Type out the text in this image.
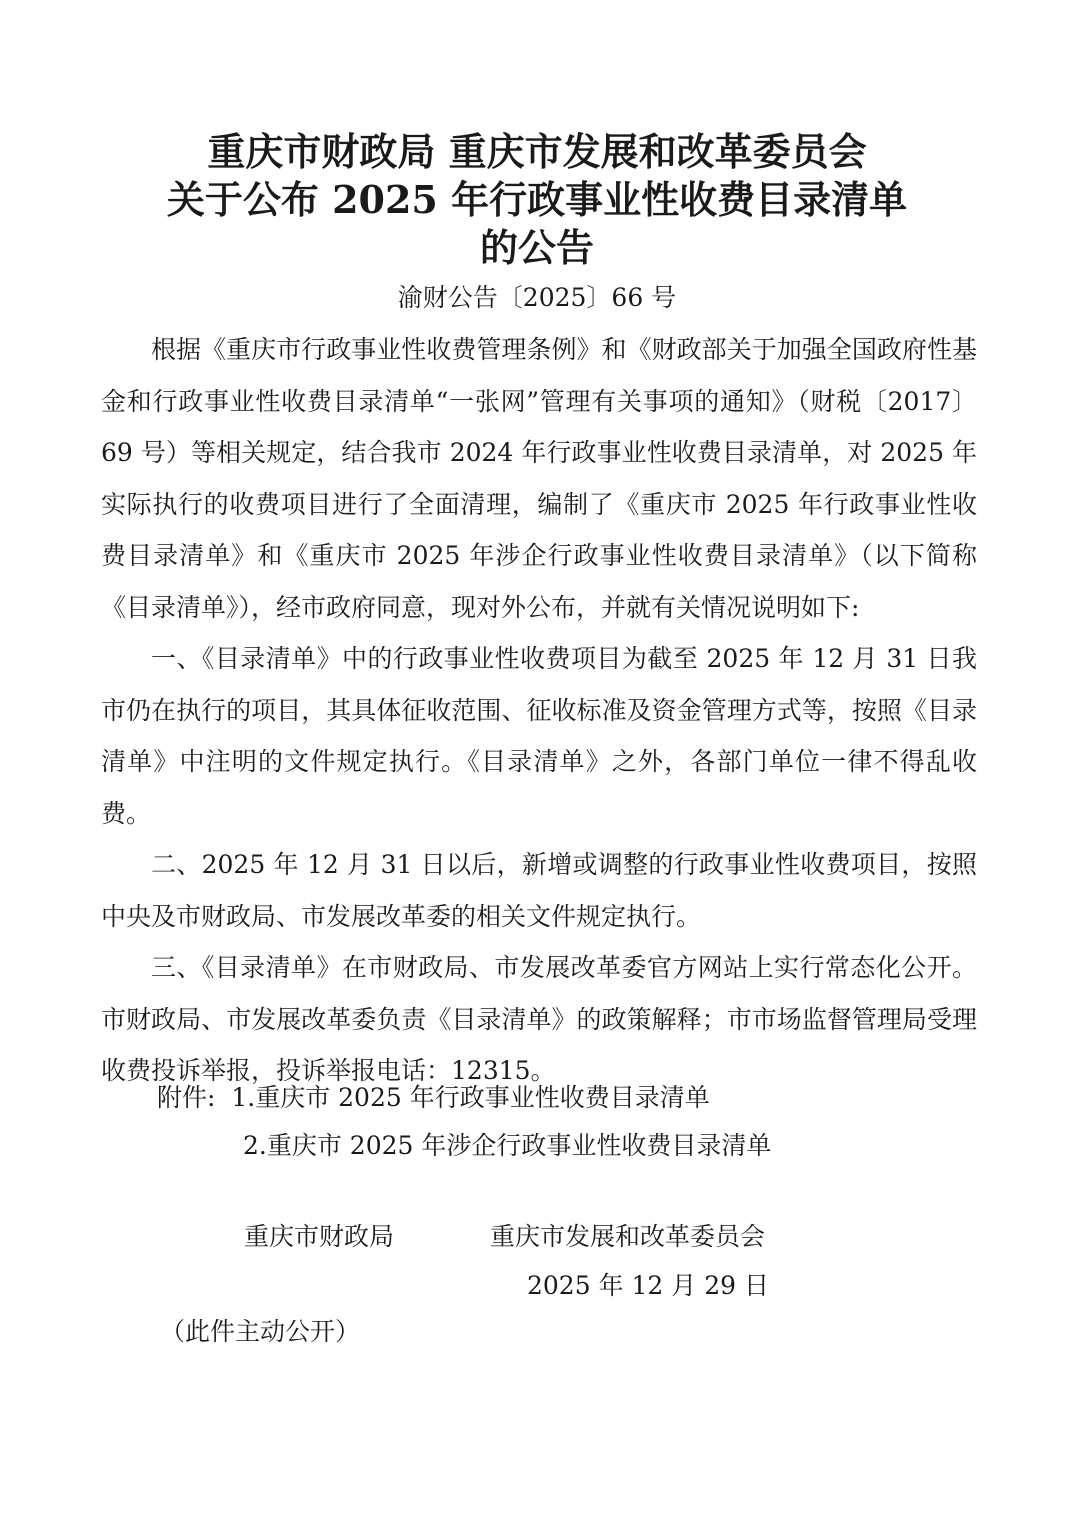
重庆市财政局 重庆市发展和改革委员会
关于公布 2025 年行政事业性收费目录清单
的公告
渝财公告〔2025〕66 号

根据《重庆市行政事业性收费管理条例》和《财政部关于加强全国政府性基金和行政事业性收费目录清单“一张网”管理有关事项的通知》（财税〔2017〕69 号）等相关规定，结合我市 2024 年行政事业性收费目录清单，对 2025 年实际执行的收费项目进行了全面清理，编制了《重庆市 2025 年行政事业性收费目录清单》和《重庆市 2025 年涉企行政事业性收费目录清单》（以下简称《目录清单》），经市政府同意，现对外公布，并就有关情况说明如下:

一、《目录清单》中的行政事业性收费项目为截至 2025 年 12 月 31 日我市仍在执行的项目，其具体征收范围、征收标准及资金管理方式等，按照《目录清单》中注明的文件规定执行。《目录清单》之外，各部门单位一律不得乱收费。

二、2025 年 12 月 31 日以后，新增或调整的行政事业性收费项目，按照中央及市财政局、市发展改革委的相关文件规定执行。

三、《目录清单》在市财政局、市发展改革委官方网站上实行常态化公开。市财政局、市发展改革委负责《目录清单》的政策解释；市市场监督管理局受理收费投诉举报，投诉举报电话：12315。

附件: 1.重庆市 2025 年行政事业性收费目录清单
2.重庆市 2025 年涉企行政事业性收费目录清单
重庆市财政局	重庆市发展和改革委员会
2025 年 12 月 29 日
（此件主动公开）
